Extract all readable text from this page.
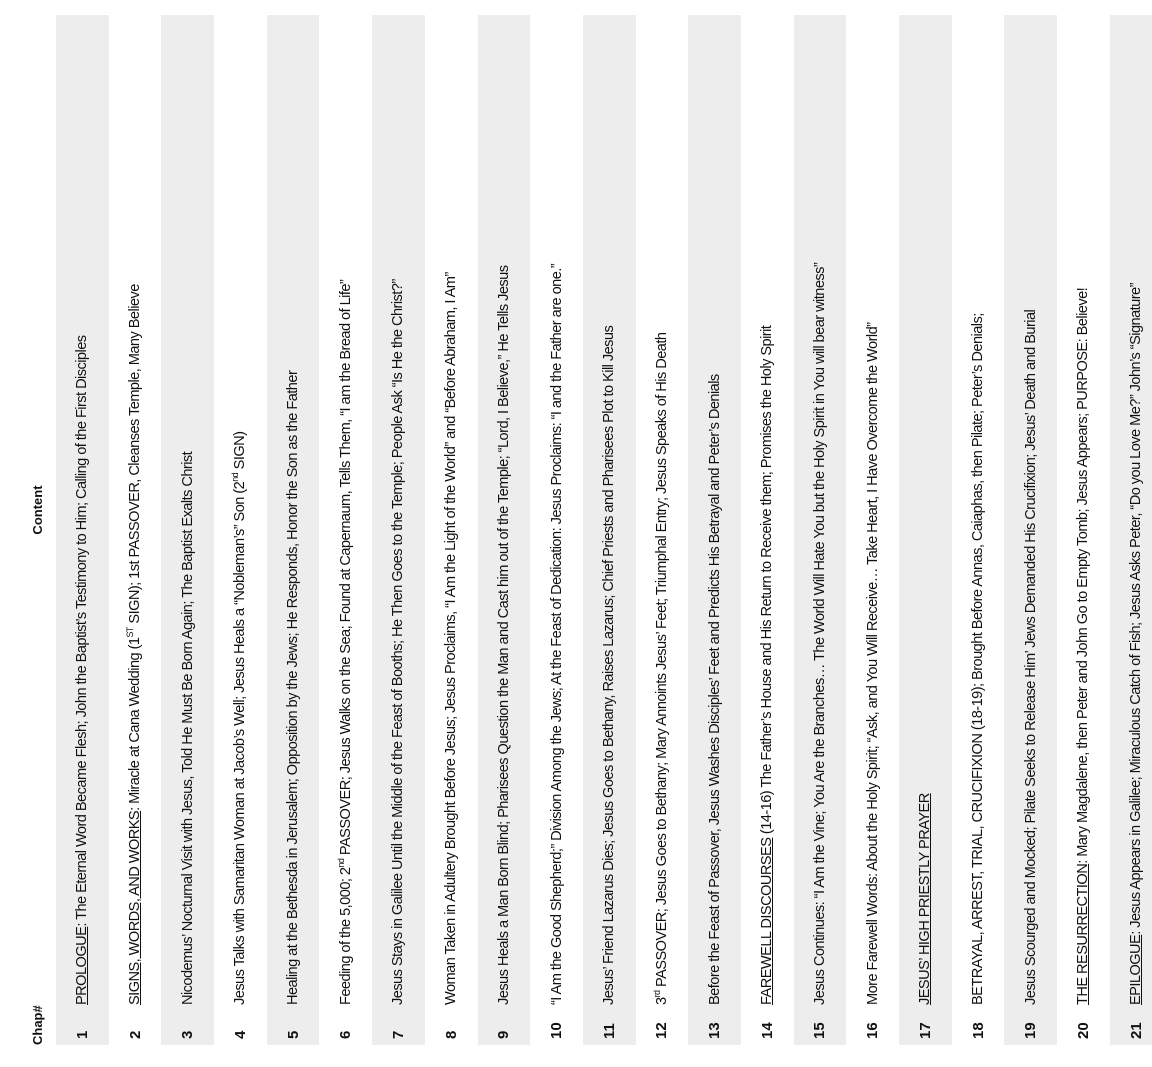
Chap#	Content
1	PROLOGUE: The Eternal Word Became Flesh; John the Baptist’s Testimony to Him; Calling of the First Disciples
2	SIGNS, WORDS, AND WORKS: Miracle at Cana Wedding (1ST SIGN); 1st PASSOVER, Cleanses Temple, Many Believe
3	Nicodemus’ Nocturnal Visit with Jesus, Told He Must Be Born Again; The Baptist Exalts Christ
4	Jesus Talks with Samaritan Woman at Jacob’s Well; Jesus Heals a “Nobleman’s” Son (2nd SIGN)
5	Healing at the Bethesda in Jerusalem; Opposition by the Jews; He Responds, Honor the Son as the Father
6	Feeding of the 5,000; 2nd PASSOVER; Jesus Walks on the Sea; Found at Capernaum, Tells Them, “I am the Bread of Life”
7	Jesus Stays in Galilee Until the Middle of the Feast of Booths; He Then Goes to the Temple; People Ask “Is He the Christ?”
8	Woman Taken in Adultery Brought Before Jesus; Jesus Proclaims, “I Am the Light of the World” and “Before Abraham, I Am”
9	Jesus Heals a Man Born Blind; Pharisees Question the Man and Cast him out of the Temple; “Lord, I Believe,” He Tells Jesus
10	“I Am the Good Shepherd;” Division Among the Jews; At the Feast of Dedication: Jesus Proclaims: “I and the Father are one.”
11	Jesus’ Friend Lazarus Dies; Jesus Goes to Bethany, Raises Lazarus; Chief Priests and Pharisees Plot to Kill Jesus
12	3rd PASSOVER; Jesus Goes to Bethany; Mary Annoints Jesus’ Feet; Triumphal Entry; Jesus Speaks of His Death
13	Before the Feast of Passover, Jesus Washes Disciples’ Feet and Predicts His Betrayal and Peter’s Denials
14	FAREWELL DISCOURSES (14-16) The Father’s House and His Return to Receive them; Promises the Holy Spirit
15	Jesus Continues: “I Am the Vine; You Are the Branches… The World Will Hate You but the Holy Spirit in You will bear witness”
16	More Farewell Words: About the Holy Spirit; “Ask, and You Will Receive… Take Heart, I Have Overcome the World”
17	JESUS’ HIGH PRIESTLY PRAYER
18	BETRAYAL, ARREST, TRIAL, CRUCIFIXION (18-19); Brought Before Annas, Caiaphas, then Pilate; Peter’s Denials;
19	Jesus Scourged and Mocked; Pilate Seeks to Release Him’ Jews Demanded His Crucifixion; Jesus’ Death and Burial
20	THE RESURRECTION: Mary Magdalene, then Peter and John Go to Empty Tomb; Jesus Appears; PURPOSE: Believe!
21	EPILOGUE: Jesus Appears in Galilee; Miraculous Catch of Fish; Jesus Asks Peter, “Do you Love Me?” John’s “Signature”
